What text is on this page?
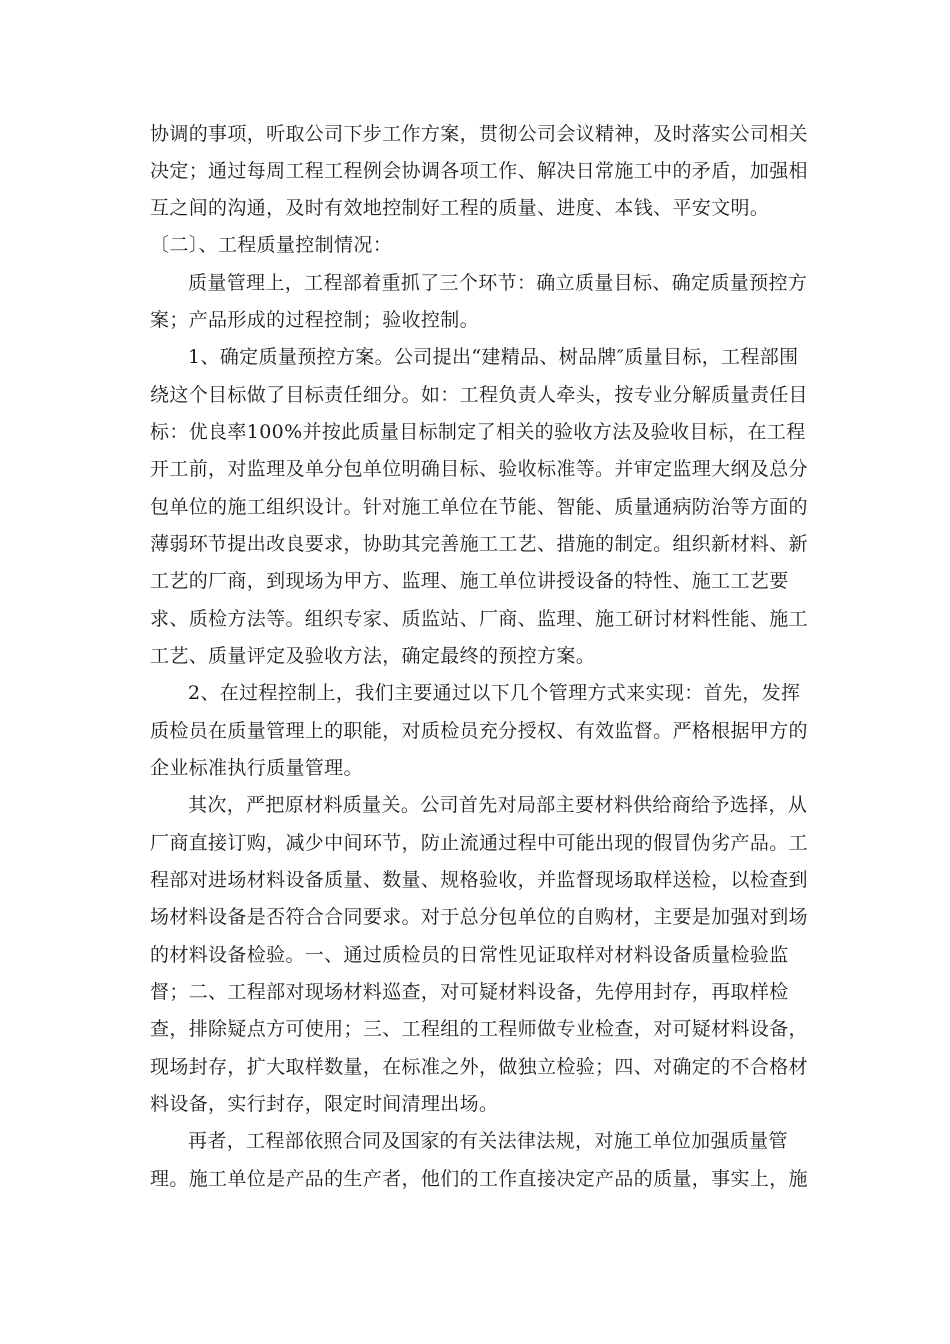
协调的事项，听取公司下步工作方案，贯彻公司会议精神，及时落实公司相关
决定；通过每周工程工程例会协调各项工作、解决日常施工中的矛盾，加强相
互之间的沟通，及时有效地控制好工程的质量、进度、本钱、平安文明。
〔二〕、工程质量控制情况：
质量管理上，工程部着重抓了三个环节：确立质量目标、确定质量预控方
案；产品形成的过程控制；验收控制。
1、确定质量预控方案。公司提出“建精品、树品牌″质量目标，工程部围
绕这个目标做了目标责任细分。如：工程负责人牵头，按专业分解质量责任目
标：优良率100%并按此质量目标制定了相关的验收方法及验收目标，在工程
开工前，对监理及单分包单位明确目标、验收标准等。并审定监理大纲及总分
包单位的施工组织设计。针对施工单位在节能、智能、质量通病防治等方面的
薄弱环节提出改良要求，协助其完善施工工艺、措施的制定。组织新材料、新
工艺的厂商，到现场为甲方、监理、施工单位讲授设备的特性、施工工艺要
求、质检方法等。组织专家、质监站、厂商、监理、施工研讨材料性能、施工
工艺、质量评定及验收方法，确定最终的预控方案。
2、在过程控制上，我们主要通过以下几个管理方式来实现：首先，发挥
质检员在质量管理上的职能，对质检员充分授权、有效监督。严格根据甲方的
企业标准执行质量管理。
其次，严把原材料质量关。公司首先对局部主要材料供给商给予选择，从
厂商直接订购，减少中间环节，防止流通过程中可能出现的假冒伪劣产品。工
程部对进场材料设备质量、数量、规格验收，并监督现场取样送检，以检查到
场材料设备是否符合合同要求。对于总分包单位的自购材，主要是加强对到场
的材料设备检验。一、通过质检员的日常性见证取样对材料设备质量检验监
督；二、工程部对现场材料巡查，对可疑材料设备，先停用封存，再取样检
查，排除疑点方可使用；三、工程组的工程师做专业检查，对可疑材料设备，
现场封存，扩大取样数量，在标准之外，做独立检验；四、对确定的不合格材
料设备，实行封存，限定时间清理出场。
再者，工程部依照合同及国家的有关法律法规，对施工单位加强质量管
理。施工单位是产品的生产者，他们的工作直接决定产品的质量，事实上，施
